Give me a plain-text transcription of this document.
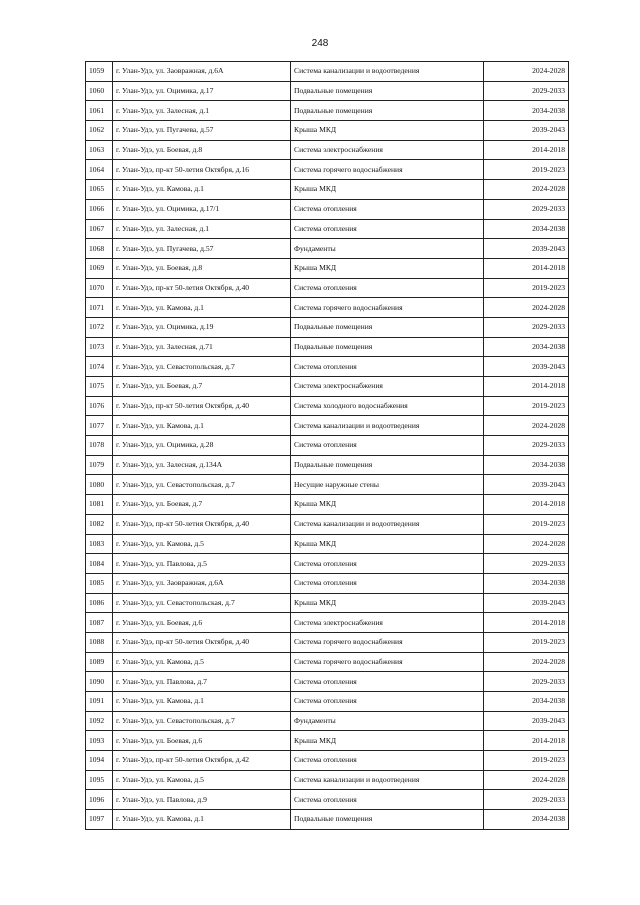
248
1059	г. Улан-Удэ, ул. Заовражная, д.6А	Система канализации и водоотведения	2024-2028
1060	г. Улан-Удэ, ул. Оцимика, д.17	Подвальные помещения	2029-2033
1061	г. Улан-Удэ, ул. Залесная, д.1	Подвальные помещения	2034-2038
1062	г. Улан-Удэ, ул. Пугачева, д.57	Крыша МКД	2039-2043
1063	г. Улан-Удэ, ул. Боевая, д.8	Система электроснабжения	2014-2018
1064	г. Улан-Удэ, пр-кт 50-летия Октября, д.16	Система горячего водоснабжения	2019-2023
1065	г. Улан-Удэ, ул. Камова, д.1	Крыша МКД	2024-2028
1066	г. Улан-Удэ, ул. Оцимика, д.17/1	Система отопления	2029-2033
1067	г. Улан-Удэ, ул. Залесная, д.1	Система отопления	2034-2038
1068	г. Улан-Удэ, ул. Пугачева, д.57	Фундаменты	2039-2043
1069	г. Улан-Удэ, ул. Боевая, д.8	Крыша МКД	2014-2018
1070	г. Улан-Удэ, пр-кт 50-летия Октября, д.40	Система отопления	2019-2023
1071	г. Улан-Удэ, ул. Камова, д.1	Система горячего водоснабжения	2024-2028
1072	г. Улан-Удэ, ул. Оцимика, д.19	Подвальные помещения	2029-2033
1073	г. Улан-Удэ, ул. Залесная, д.71	Подвальные помещения	2034-2038
1074	г. Улан-Удэ, ул. Севастопольская, д.7	Система отопления	2039-2043
1075	г. Улан-Удэ, ул. Боевая, д.7	Система электроснабжения	2014-2018
1076	г. Улан-Удэ, пр-кт 50-летия Октября, д.40	Система холодного водоснабжения	2019-2023
1077	г. Улан-Удэ, ул. Камова, д.1	Система канализации и водоотведения	2024-2028
1078	г. Улан-Удэ, ул. Оцимика, д.28	Система отопления	2029-2033
1079	г. Улан-Удэ, ул. Залесная, д.134А	Подвальные помещения	2034-2038
1080	г. Улан-Удэ, ул. Севастопольская, д.7	Несущие наружные стены	2039-2043
1081	г. Улан-Удэ, ул. Боевая, д.7	Крыша МКД	2014-2018
1082	г. Улан-Удэ, пр-кт 50-летия Октября, д.40	Система канализации и водоотведения	2019-2023
1083	г. Улан-Удэ, ул. Камова, д.5	Крыша МКД	2024-2028
1084	г. Улан-Удэ, ул. Павлова, д.5	Система отопления	2029-2033
1085	г. Улан-Удэ, ул. Заовражная, д.6А	Система отопления	2034-2038
1086	г. Улан-Удэ, ул. Севастопольская, д.7	Крыша МКД	2039-2043
1087	г. Улан-Удэ, ул. Боевая, д.6	Система электроснабжения	2014-2018
1088	г. Улан-Удэ, пр-кт 50-летия Октября, д.40	Система горячего водоснабжения	2019-2023
1089	г. Улан-Удэ, ул. Камова, д.5	Система горячего водоснабжения	2024-2028
1090	г. Улан-Удэ, ул. Павлова, д.7	Система отопления	2029-2033
1091	г. Улан-Удэ, ул. Камова, д.1	Система отопления	2034-2038
1092	г. Улан-Удэ, ул. Севастопольская, д.7	Фундаменты	2039-2043
1093	г. Улан-Удэ, ул. Боевая, д.6	Крыша МКД	2014-2018
1094	г. Улан-Удэ, пр-кт 50-летия Октября, д.42	Система отопления	2019-2023
1095	г. Улан-Удэ, ул. Камова, д.5	Система канализации и водоотведения	2024-2028
1096	г. Улан-Удэ, ул. Павлова, д.9	Система отопления	2029-2033
1097	г. Улан-Удэ, ул. Камова, д.1	Подвальные помещения	2034-2038
